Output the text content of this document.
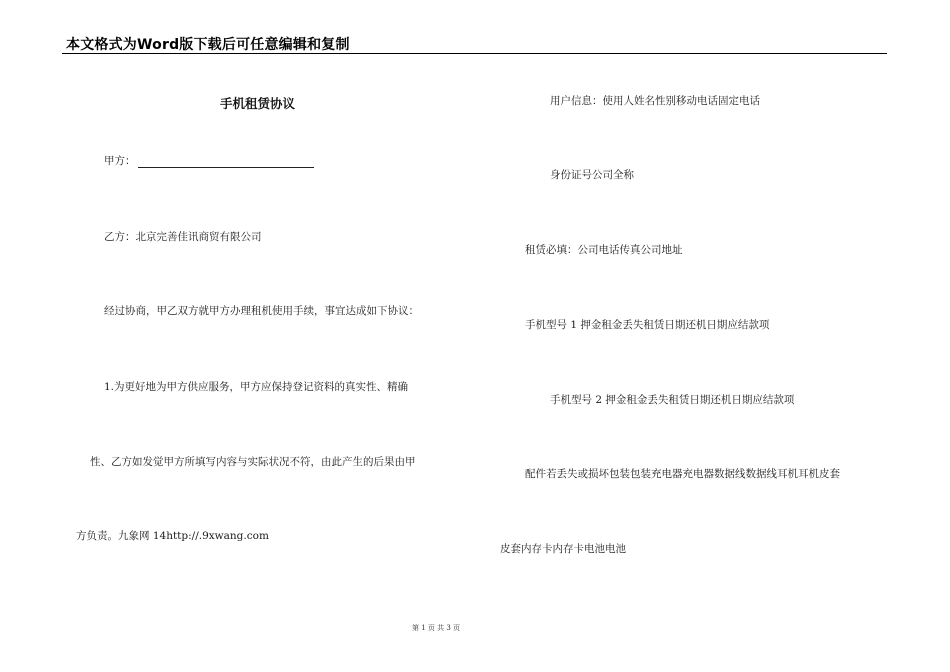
本文格式为Word版下载后可任意编辑和复制
手机租赁协议
甲方：
乙方：北京完善佳讯商贸有限公司
经过协商，甲乙双方就甲方办理租机使用手续，事宜达成如下协议：
1.为更好地为甲方供应服务，甲方应保持登记资料的真实性、精确
性、乙方如发觉甲方所填写内容与实际状况不符，由此产生的后果由甲
方负责。九象网 14http://.9xwang.com
用户信息：使用人姓名性别移动电话固定电话
身份证号公司全称
租赁必填：公司电话传真公司地址
手机型号 1 押金租金丢失租赁日期还机日期应结款项
手机型号 2 押金租金丢失租赁日期还机日期应结款项
配件若丢失或损坏包装包装充电器充电器数据线数据线耳机耳机皮套
皮套内存卡内存卡电池电池
第 1 页 共 3 页
